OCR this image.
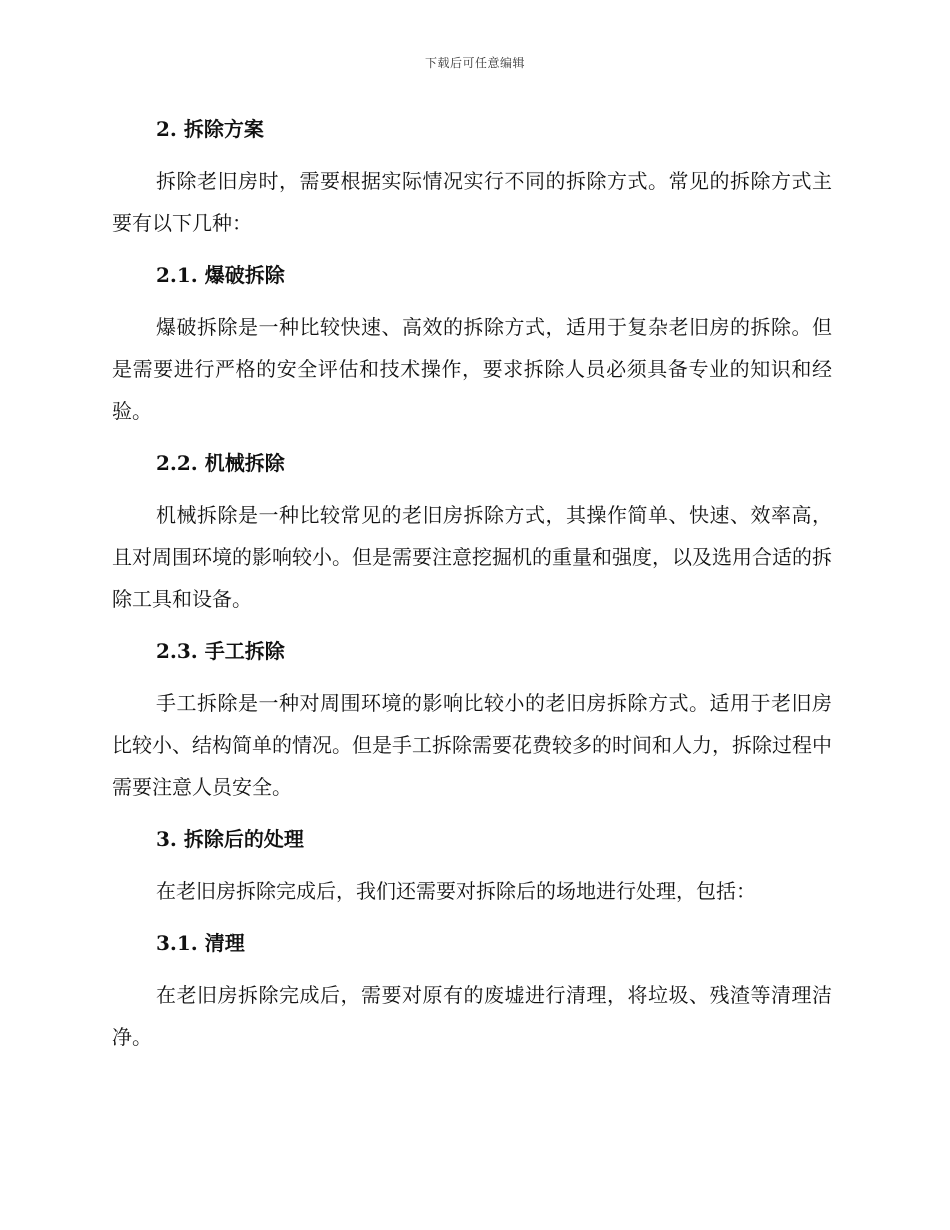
下载后可任意编辑
2. 拆除方案

拆除老旧房时，需要根据实际情况实行不同的拆除方式。常见的拆除方式主要有以下几种：

2.1. 爆破拆除

爆破拆除是一种比较快速、高效的拆除方式，适用于复杂老旧房的拆除。但是需要进行严格的安全评估和技术操作，要求拆除人员必须具备专业的知识和经验。

2.2. 机械拆除

机械拆除是一种比较常见的老旧房拆除方式，其操作简单、快速、效率高，且对周围环境的影响较小。但是需要注意挖掘机的重量和强度，以及选用合适的拆除工具和设备。

2.3. 手工拆除

手工拆除是一种对周围环境的影响比较小的老旧房拆除方式。适用于老旧房比较小、结构简单的情况。但是手工拆除需要花费较多的时间和人力，拆除过程中需要注意人员安全。

3. 拆除后的处理

在老旧房拆除完成后，我们还需要对拆除后的场地进行处理，包括：

3.1. 清理

在老旧房拆除完成后，需要对原有的废墟进行清理，将垃圾、残渣等清理洁净。
